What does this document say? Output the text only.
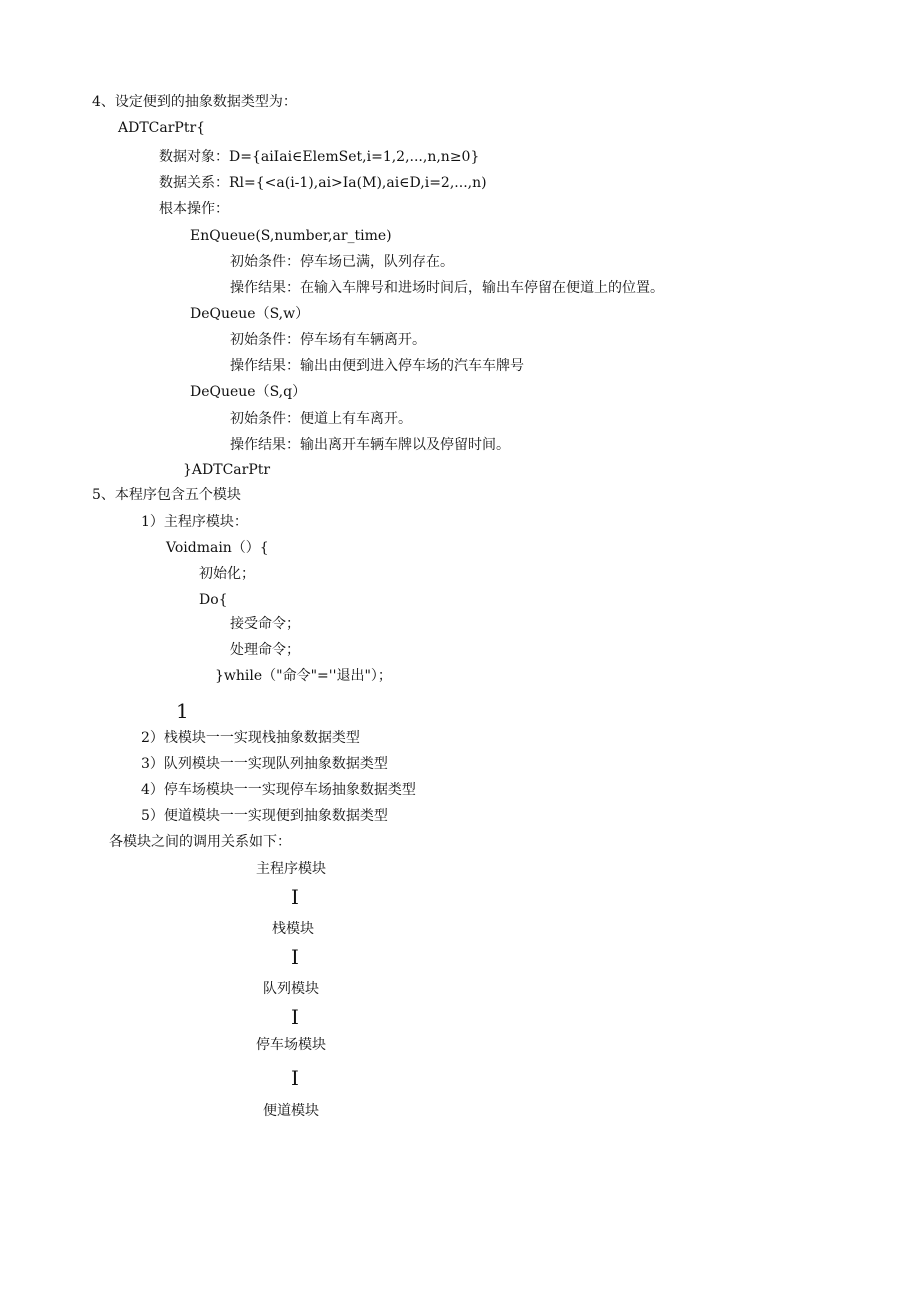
4、设定便到的抽象数据类型为：
ADTCarPtr{
数据对象：D={aiIai∈ElemSet,i=1,2,...,n,n≥0}
数据关系：Rl={<a(i-1),ai>Ia(M),ai∈D,i=2,...,n)
根本操作：
EnQueue(S,number,ar_time)
初始条件：停车场已满，队列存在。
操作结果：在输入车牌号和进场时间后，输出车停留在便道上的位置。
DeQueue（S,w）
初始条件：停车场有车辆离开。
操作结果：输出由便到进入停车场的汽车车牌号
DeQueue（S,q）
初始条件：便道上有车离开。
操作结果：输出离开车辆车牌以及停留时间。
}ADTCarPtr
5、本程序包含五个模块
1）主程序模块：
Voidmain（）{
初始化；
Do{
接受命令；
处理命令；
}while（"命令"=''退出"）；
1
2）栈模块一一实现栈抽象数据类型
3）队列模块一一实现队列抽象数据类型
4）停车场模块一一实现停车场抽象数据类型
5）便道模块一一实现便到抽象数据类型
各模块之间的调用关系如下：
主程序模块
I
栈模块
I
队列模块
I
停车场模块
I
便道模块
